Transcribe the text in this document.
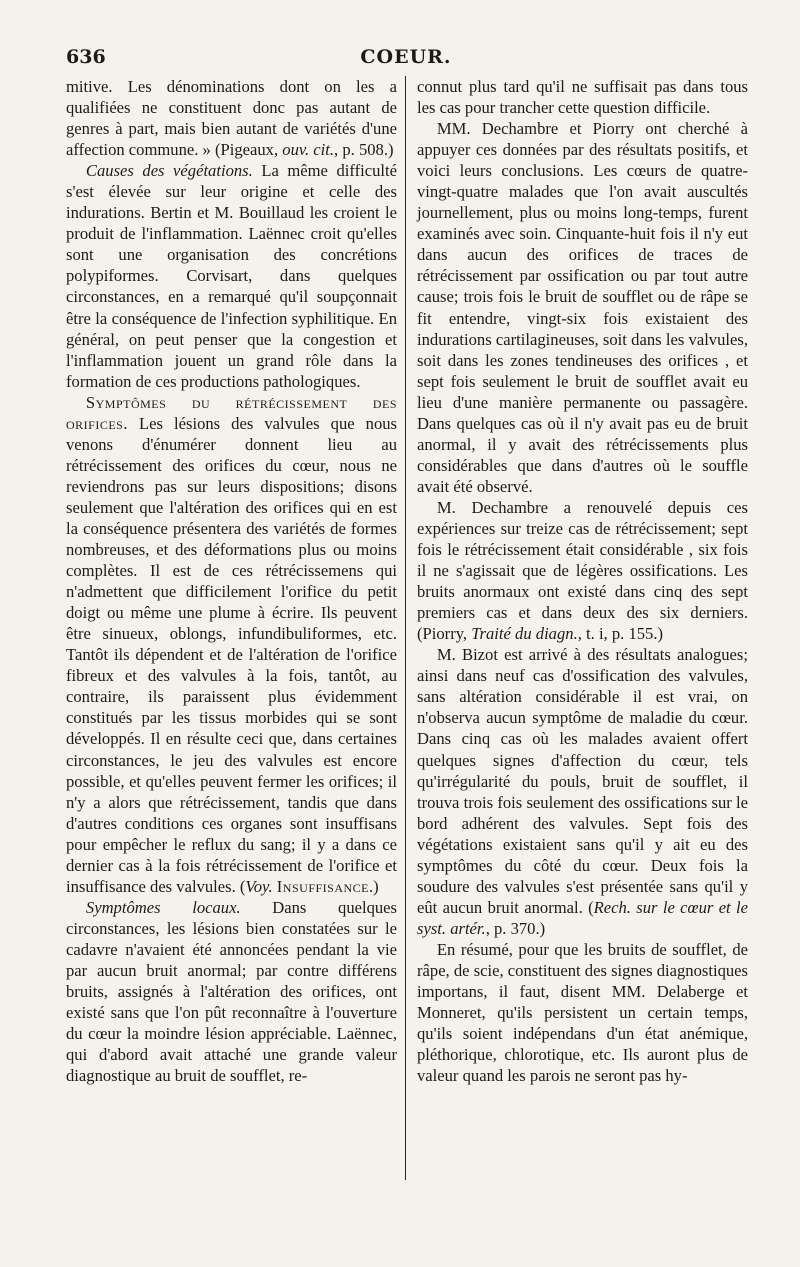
636	COEUR.

mitive. Les dénominations dont on les a qualifiées ne constituent donc pas autant de genres à part, mais bien autant de variétés d'une affection commune. » (Pigeaux, ouv. cit., p. 508.)

Causes des végétations. La même difficulté s'est élevée sur leur origine et celle des indurations. Bertin et M. Bouillaud les croient le produit de l'inflammation. Laënnec croit qu'elles sont une organisation des concrétions polypiformes. Corvisart, dans quelques circonstances, en a remarqué qu'il soupçonnait être la conséquence de l'infection syphilitique. En général, on peut penser que la congestion et l'inflammation jouent un grand rôle dans la formation de ces productions pathologiques.

Symptômes du rétrécissement des orifices. Les lésions des valvules que nous venons d'énumérer donnent lieu au rétrécissement des orifices du cœur, nous ne reviendrons pas sur leurs dispositions; disons seulement que l'altération des orifices qui en est la conséquence présentera des variétés de formes nombreuses, et des déformations plus ou moins complètes. Il est de ces rétrécissemens qui n'admettent que difficilement l'orifice du petit doigt ou même une plume à écrire. Ils peuvent être sinueux, oblongs, infundibuliformes, etc. Tantôt ils dépendent et de l'altération de l'orifice fibreux et des valvules à la fois, tantôt, au contraire, ils paraissent plus évidemment constitués par les tissus morbides qui se sont développés. Il en résulte ceci que, dans certaines circonstances, le jeu des valvules est encore possible, et qu'elles peuvent fermer les orifices; il n'y a alors que rétrécissement, tandis que dans d'autres conditions ces organes sont insuffisans pour empêcher le reflux du sang; il y a dans ce dernier cas à la fois rétrécissement de l'orifice et insuffisance des valvules. (Voy. Insuffisance.)

Symptômes locaux. Dans quelques circonstances, les lésions bien constatées sur le cadavre n'avaient été annoncées pendant la vie par aucun bruit anormal; par contre différens bruits, assignés à l'altération des orifices, ont existé sans que l'on pût reconnaître à l'ouverture du cœur la moindre lésion appréciable. Laënnec, qui d'abord avait attaché une grande valeur diagnostique au bruit de soufflet, re-

connut plus tard qu'il ne suffisait pas dans tous les cas pour trancher cette question difficile.

MM. Dechambre et Piorry ont cherché à appuyer ces données par des résultats positifs, et voici leurs conclusions. Les cœurs de quatre-vingt-quatre malades que l'on avait auscultés journellement, plus ou moins long-temps, furent examinés avec soin. Cinquante-huit fois il n'y eut dans aucun des orifices de traces de rétrécissement par ossification ou par tout autre cause; trois fois le bruit de soufflet ou de râpe se fit entendre, vingt-six fois existaient des indurations cartilagineuses, soit dans les valvules, soit dans les zones tendineuses des orifices , et sept fois seulement le bruit de soufflet avait eu lieu d'une manière permanente ou passagère. Dans quelques cas où il n'y avait pas eu de bruit anormal, il y avait des rétrécissements plus considérables que dans d'autres où le souffle avait été observé.

M. Dechambre a renouvelé depuis ces expériences sur treize cas de rétrécissement; sept fois le rétrécissement était considérable , six fois il ne s'agissait que de légères ossifications. Les bruits anormaux ont existé dans cinq des sept premiers cas et dans deux des six derniers. (Piorry, Traité du diagn., t. i, p. 155.)

M. Bizot est arrivé à des résultats analogues; ainsi dans neuf cas d'ossification des valvules, sans altération considérable il est vrai, on n'observa aucun symptôme de maladie du cœur. Dans cinq cas où les malades avaient offert quelques signes d'affection du cœur, tels qu'irrégularité du pouls, bruit de soufflet, il trouva trois fois seulement des ossifications sur le bord adhérent des valvules. Sept fois des végétations existaient sans qu'il y ait eu des symptômes du côté du cœur. Deux fois la soudure des valvules s'est présentée sans qu'il y eût aucun bruit anormal. (Rech. sur le cœur et le syst. artér., p. 370.)

En résumé, pour que les bruits de soufflet, de râpe, de scie, constituent des signes diagnostiques importans, il faut, disent MM. Delaberge et Monneret, qu'ils persistent un certain temps, qu'ils soient indépendans d'un état anémique, pléthorique, chlorotique, etc. Ils auront plus de valeur quand les parois ne seront pas hy-
